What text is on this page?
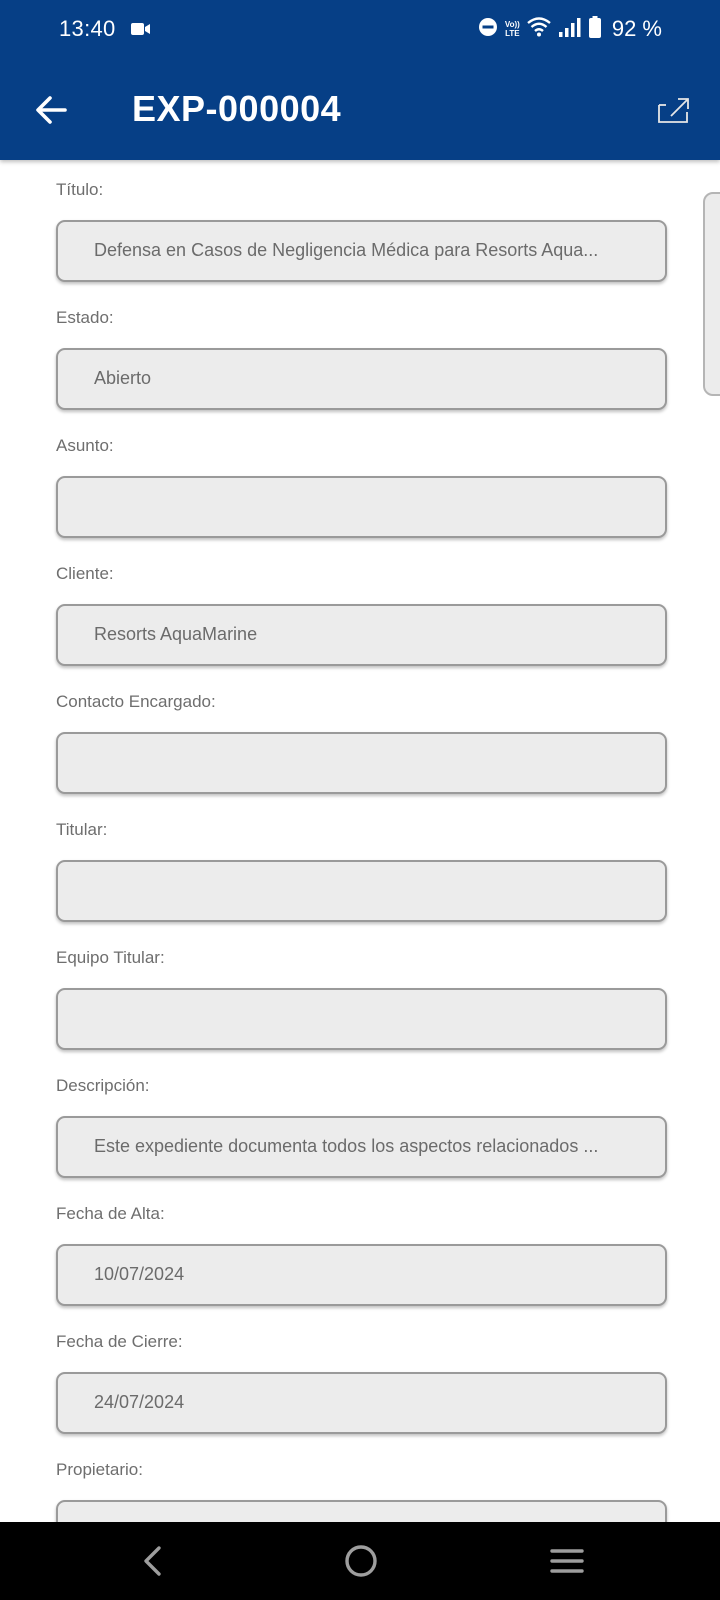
13:40	Vo))
LTE	92 %
EXP-000004
Título:
Defensa en Casos de Negligencia Médica para Resorts Aqua...
Estado:
Abierto
Asunto:
Cliente:
Resorts AquaMarine
Contacto Encargado:
Titular:
Equipo Titular:
Descripción:
Este expediente documenta todos los aspectos relacionados ...
Fecha de Alta:
10/07/2024
Fecha de Cierre:
24/07/2024
Propietario:
